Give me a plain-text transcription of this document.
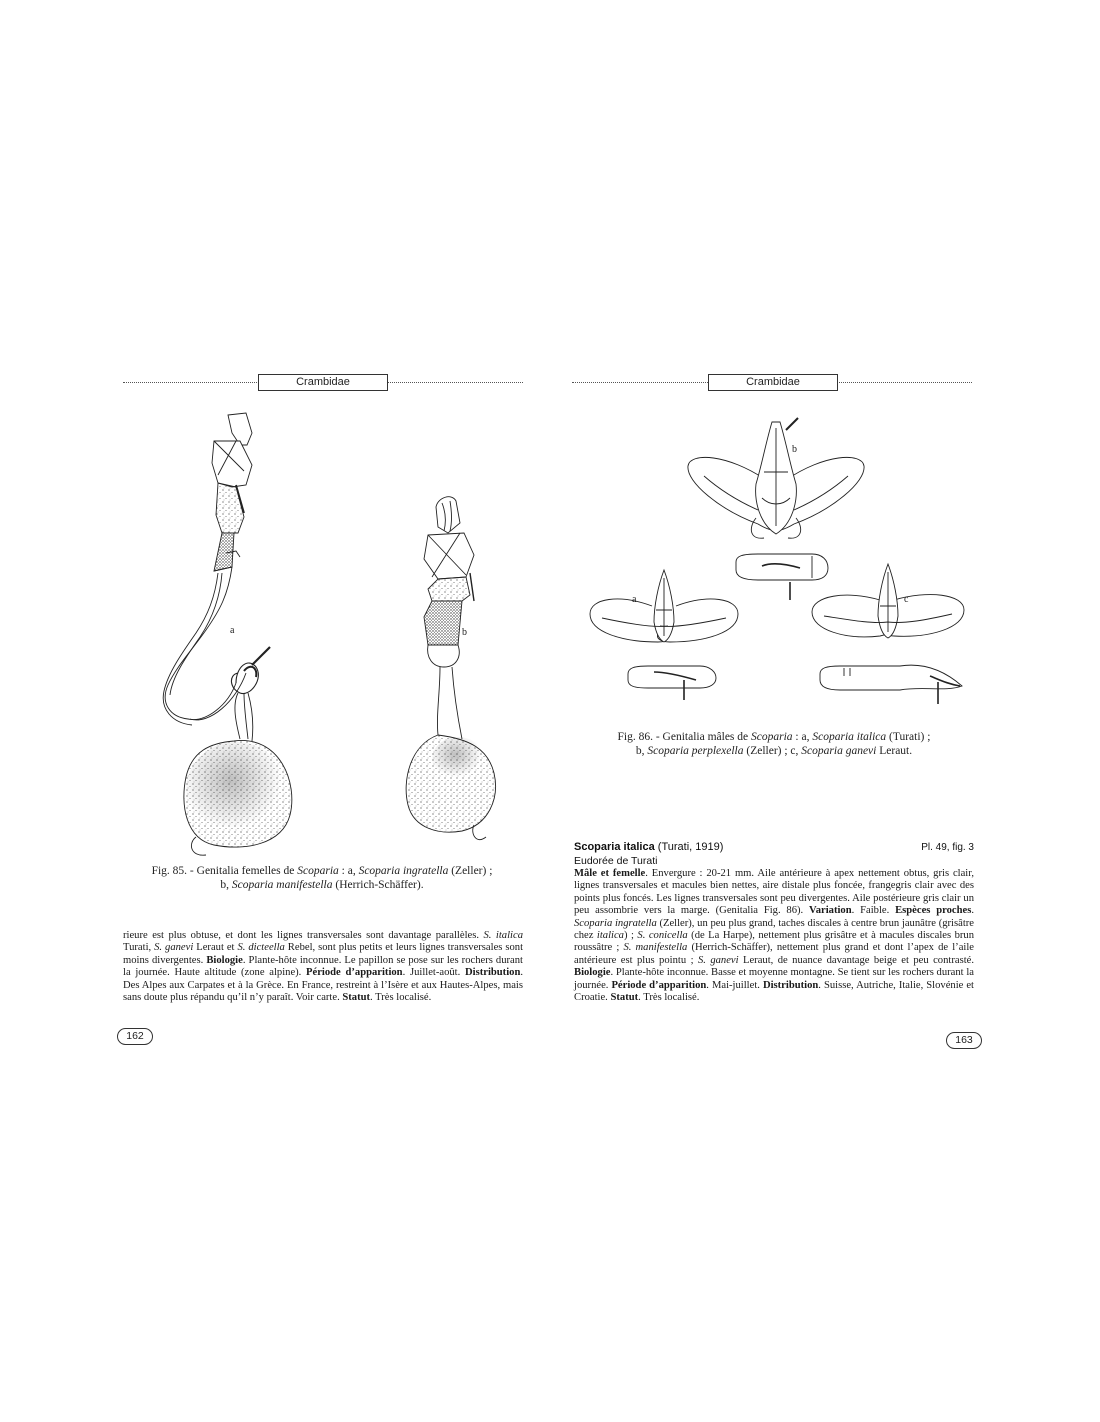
Crambidae
a	b
Fig. 85. - Genitalia femelles de Scoparia : a, Scoparia ingratella (Zeller) ;
b, Scoparia manifestella (Herrich-Schäffer).
rieure est plus obtuse, et dont les lignes transversales sont davantage parallèles. S. italica Turati, S. ganevi Leraut et S. dicteella Rebel, sont plus petits et leurs lignes transversales sont moins divergentes. Biologie. Plante-hôte inconnue. Le papillon se pose sur les rochers durant la journée. Haute altitude (zone alpine). Période d’apparition. Juillet-août. Distribution. Des Alpes aux Carpates et à la Grèce. En France, restreint à l’Isère et aux Hautes-Alpes, mais sans doute plus répandu qu’il n’y paraît. Voir carte. Statut. Très localisé.
162
Crambidae
b
a	c
Fig. 86. - Genitalia mâles de Scoparia : a, Scoparia italica (Turati) ;
b, Scoparia perplexella (Zeller) ; c, Scoparia ganevi Leraut.
Scoparia italica (Turati, 1919)	Pl. 49, fig. 3
Eudorée de Turati
Mâle et femelle. Envergure : 20-21 mm. Aile antérieure à apex nettement obtus, gris clair, lignes transversales et macules bien nettes, aire distale plus foncée, frangegris clair avec des points plus foncés. Les lignes transversales sont peu divergentes. Aile postérieure gris clair un peu assombrie vers la marge. (Genitalia Fig. 86). Variation. Faible. Espèces proches. Scoparia ingratella (Zeller), un peu plus grand, taches discales à centre brun jaunâtre (grisâtre chez italica) ; S. conicella (de La Harpe), nettement plus grisâtre et à macules discales brun roussâtre ; S. manifestella (Herrich-Schäffer), nettement plus grand et dont l’apex de l’aile antérieure est plus pointu ; S. ganevi Leraut, de nuance davantage beige et peu contrasté. Biologie. Plante-hôte inconnue. Basse et moyenne montagne. Se tient sur les rochers durant la journée. Période d’apparition. Mai-juillet. Distribution. Suisse, Autriche, Italie, Slovénie et Croatie. Statut. Très localisé.
163
